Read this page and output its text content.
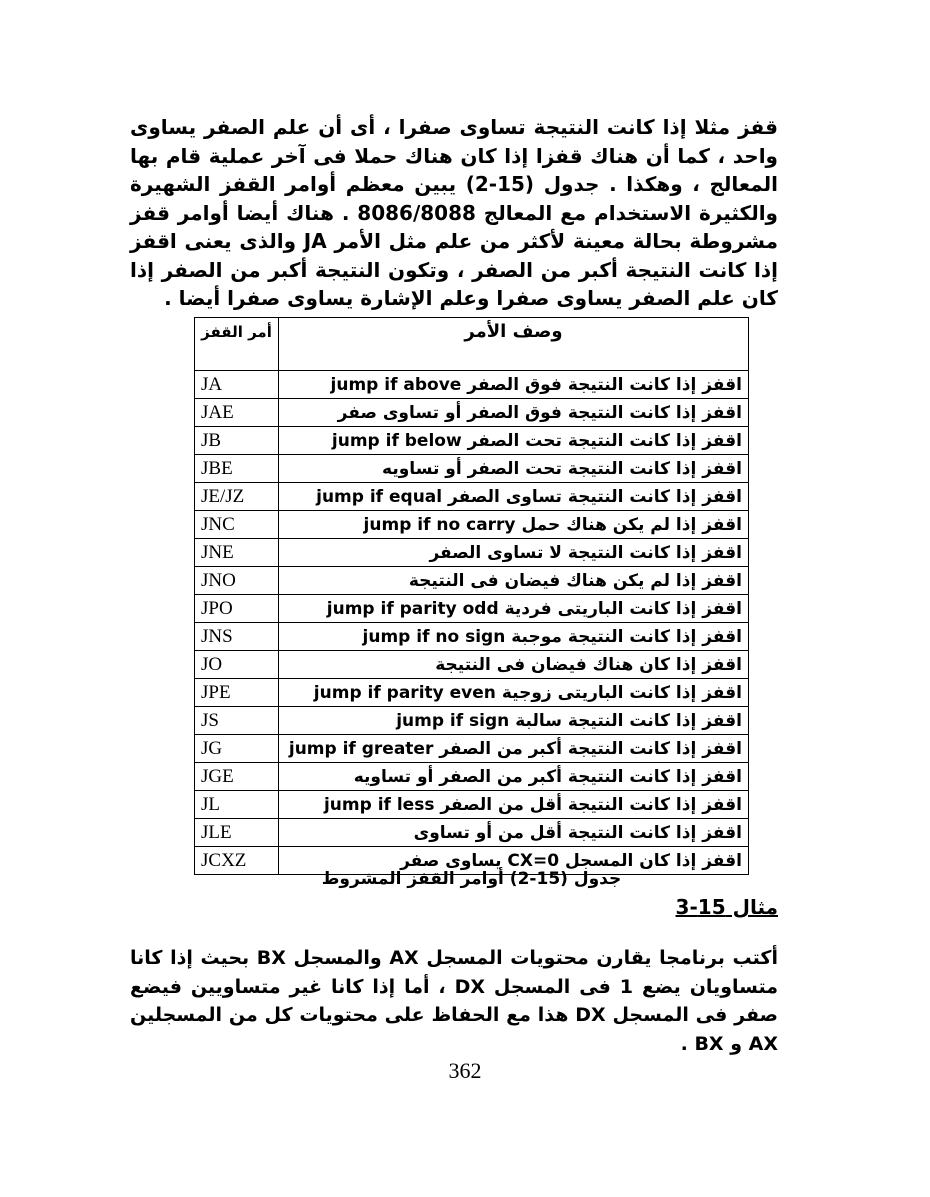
قفز مثلا إذا كانت النتيجة تساوى صفرا ، أى أن علم الصفر يساوى واحد ، كما أن هناك قفزا إذا كان هناك حملا فى آخر عملية قام بها المعالج ، وهكذا . جدول (15-2) يبين معظم أوامر القفز الشهيرة والكثيرة الاستخدام مع المعالج 8086/8088 . هناك أيضا أوامر قفز مشروطة بحالة معينة لأكثر من علم مثل الأمر JA والذى يعنى اقفز إذا كانت النتيجة أكبر من الصفر ، وتكون النتيجة أكبر من الصفر إذا كان علم الصفر يساوى صفرا وعلم الإشارة يساوى صفرا أيضا .

أمر القفز	وصف الأمر
JA	اقفز إذا كانت النتيجة فوق الصفر jump if above
JAE	اقفز إذا كانت النتيجة فوق الصفر أو تساوى صفر
JB	اقفز إذا كانت النتيجة تحت الصفر jump if below
JBE	اقفز إذا كانت النتيجة تحت الصفر أو تساويه
JE/JZ	اقفز إذا كانت النتيجة تساوى الصفر jump if equal
JNC	اقفز إذا لم يكن هناك حمل jump if no carry
JNE	اقفز إذا كانت النتيجة لا تساوى الصفر
JNO	اقفز إذا لم يكن هناك فيضان فى النتيجة
JPO	اقفز إذا كانت الباريتى فردية jump if parity odd
JNS	اقفز إذا كانت النتيجة موجبة jump if no sign
JO	اقفز إذا كان هناك فيضان فى النتيجة
JPE	اقفز إذا كانت الباريتى زوجية jump if parity even
JS	اقفز إذا كانت النتيجة سالبة jump if sign
JG	اقفز إذا كانت النتيجة أكبر من الصفر jump if greater
JGE	اقفز إذا كانت النتيجة أكبر من الصفر أو تساويه
JL	اقفز إذا كانت النتيجة أقل من الصفر jump if less
JLE	اقفز إذا كانت النتيجة أقل من أو تساوى
JCXZ	اقفز إذا كان المسجل CX=0 يساوى صفر
جدول (15-2) أوامر القفز المشروط
مثال 15-3

أكتب برنامجا يقارن محتويات المسجل AX والمسجل BX بحيث إذا كانا متساويان يضع 1 فى المسجل DX ، أما إذا كانا غير متساويين فيضع صفر فى المسجل DX هذا مع الحفاظ على محتويات كل من المسجلين AX و BX .

362
